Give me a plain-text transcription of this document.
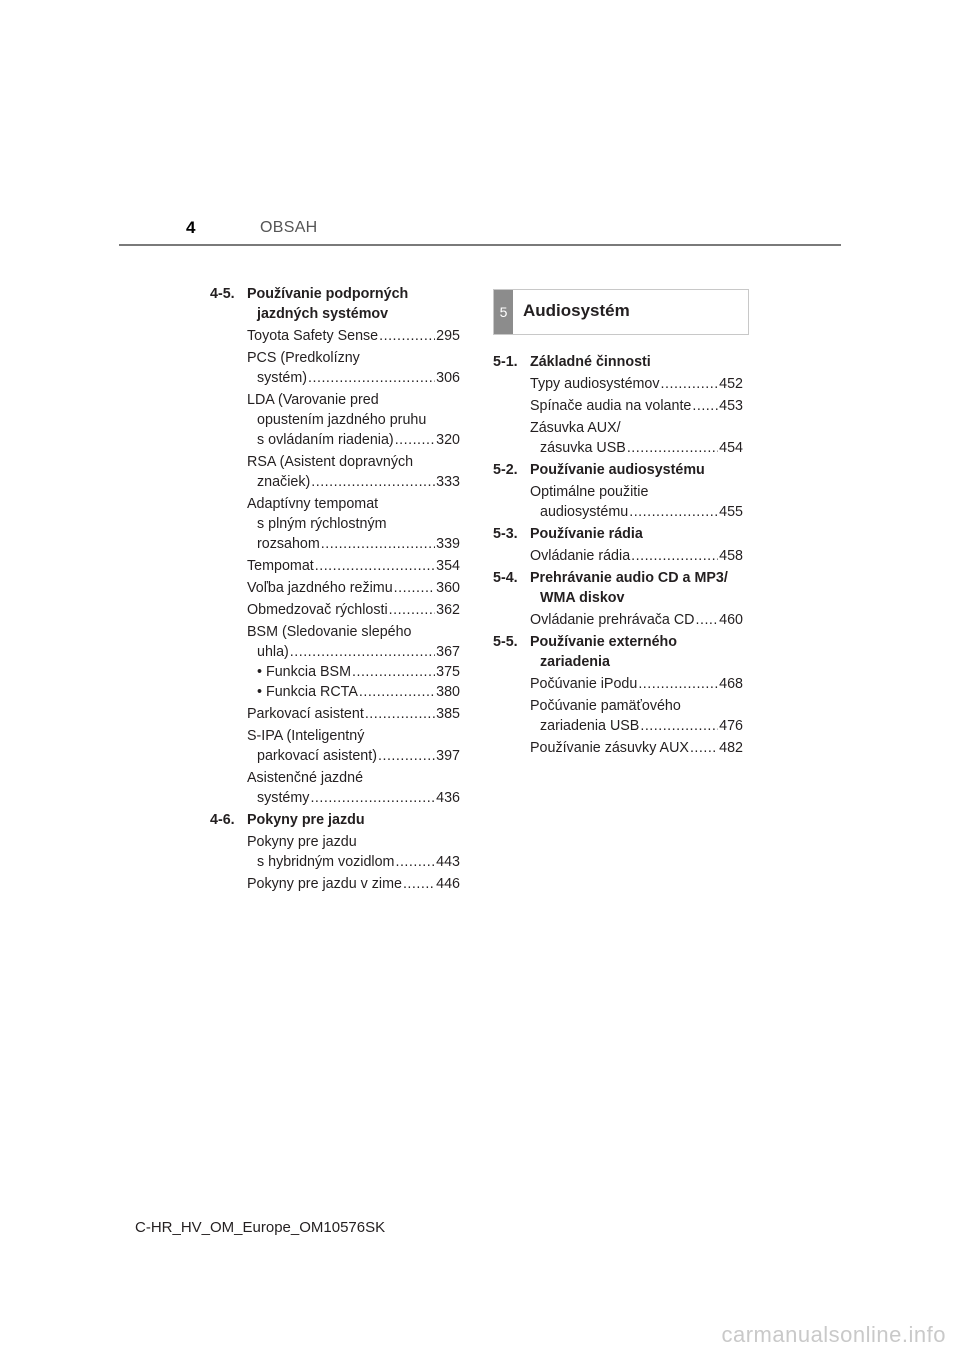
4	OBSAH
4-5. Používanie podporných
jazdných systémov
Toyota Safety Sense .....	295
PCS (Predkolízny
systém) .....	306
LDA (Varovanie pred
opustením jazdného pruhu
s ovládaním riadenia) .....	320
RSA (Asistent dopravných
značiek) .....	333
Adaptívny tempomat
s plným rýchlostným
rozsahom .....	339
Tempomat .....	354
Voľba jazdného režimu .....	360
Obmedzovač rýchlosti .....	362
BSM (Sledovanie slepého
uhla) .....	367
• Funkcia BSM .....	375
• Funkcia RCTA .....	380
Parkovací asistent .....	385
S-IPA (Inteligentný
parkovací asistent) .....	397
Asistenčné jazdné
systémy .....	436
4-6. Pokyny pre jazdu
Pokyny pre jazdu
s hybridným vozidlom .....	443
Pokyny pre jazdu v zime ..... 446
5 Audiosystém
5-1. Základné činnosti
Typy audiosystémov .....	452
Spínače audia na volante ..... 453
Zásuvka AUX/
zásuvka USB .....	454
5-2. Používanie audiosystému
Optimálne použitie
audiosystému .....	455
5-3. Používanie rádia
Ovládanie rádia .....	458
5-4. Prehrávanie audio CD a MP3/
WMA diskov
Ovládanie prehrávača CD ..... 460
5-5. Používanie externého
zariadenia
Počúvanie iPodu .....	468
Počúvanie pamäťového
zariadenia USB .....	476
Používanie zásuvky AUX ..... 482
C-HR_HV_OM_Europe_OM10576SK
carmanualsonline.info
